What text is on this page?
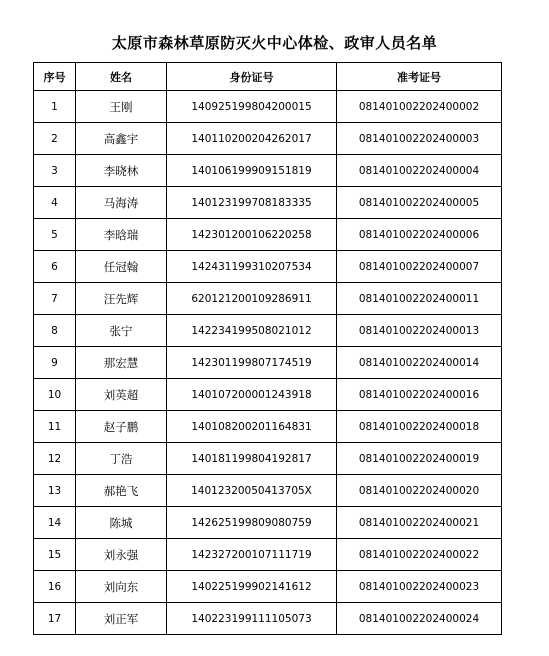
太原市森林草原防灭火中心体检、政审人员名单
序号	姓名	身份证号	准考证号
1	王刚	140925199804200015	081401002202400002
2	高鑫宇	140110200204262017	081401002202400003
3	李晓林	140106199909151819	081401002202400004
4	马海涛	140123199708183335	081401002202400005
5	李晗瑞	142301200106220258	081401002202400006
6	任冠翰	142431199310207534	081401002202400007
7	汪先辉	620121200109286911	081401002202400011
8	张宁	142234199508021012	081401002202400013
9	那宏慧	142301199807174519	081401002202400014
10	刘英超	140107200001243918	081401002202400016
11	赵子鹏	140108200201164831	081401002202400018
12	丁浩	140181199804192817	081401002202400019
13	郝艳飞	14012320050413705X	081401002202400020
14	陈城	142625199809080759	081401002202400021
15	刘永强	142327200107111719	081401002202400022
16	刘向东	140225199902141612	081401002202400023
17	刘正军	140223199111105073	081401002202400024
